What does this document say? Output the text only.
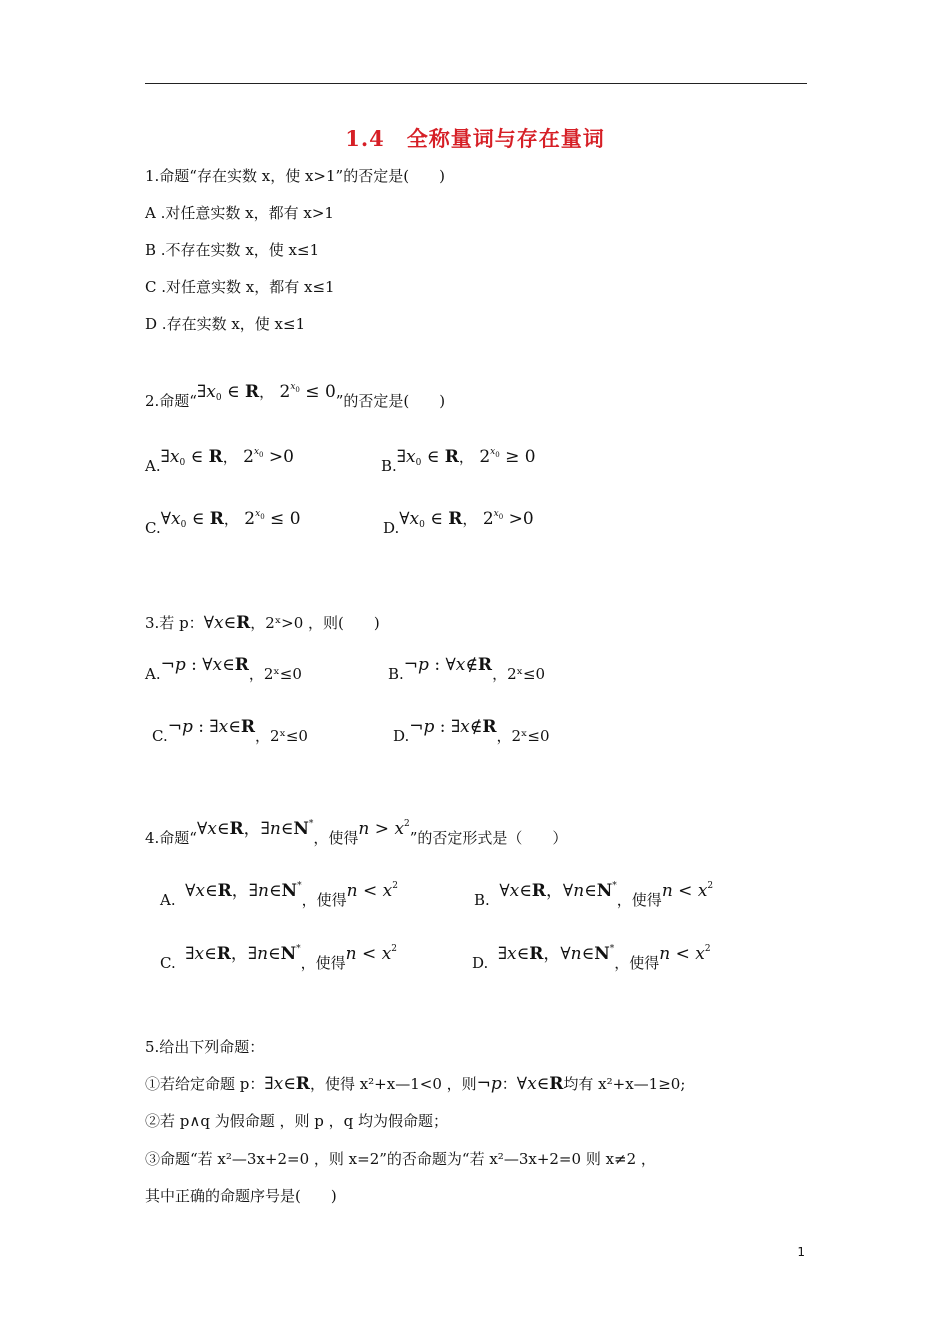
1.4　全称量词与存在量词
1.命题“存在实数 x，使 x>1”的否定是(　　)
A .对任意实数 x，都有 x>1
B .不存在实数 x，使 x≤1
C .对任意实数 x，都有 x≤1
D .存在实数 x，使 x≤1
2.命题“$\exists x_0$ ∈ R， $2^{x_0} \le 0$”的否定是(　　)
$A.\exists x_0$ ∈ R， $2^{x_0} >0$	$B.\exists x_0$ ∈ R， $2^{x_0} \ge 0$
$C.\forall x_0$ ∈ R， $2^{x_0} \le 0$	$D.\forall x_0$ ∈ R， $2^{x_0} >0$
3.若 p：∀x∈R，2ˣ>0 ，则(　　)
A.¬p : ∀x∈R，2ˣ≤0	B.¬p : ∀x∉R，2ˣ≤0
C.¬p : ∃x∈R，2ˣ≤0	D.¬p : ∃x∉R，2ˣ≤0
4.命题“∀x∈R，∃n∈N*，使得$n > x^2$”的否定形式是（　　）
A. ∀x∈R，∃n∈N*，使得$n < x^2$
B. ∀x∈R，∀n∈N*，使得$n < x^2$
C. ∃x∈R，∃n∈N*，使得$n < x^2$
D. ∃x∈R，∀n∈N*，使得$n < x^2$
5.给出下列命题：
①若给定命题 p：∃x∈R，使得 x²+x—1<0 ，则¬p：∀x∈R均有 x²+x—1≥0;
②若 p∧q 为假命题 ，则 p ，q 均为假命题；
③命题“若 x²—3x+2=0 ，则 x=2”的否命题为“若 x²—3x+2=0 则 x≠2 ，
其中正确的命题序号是(　　)
1
